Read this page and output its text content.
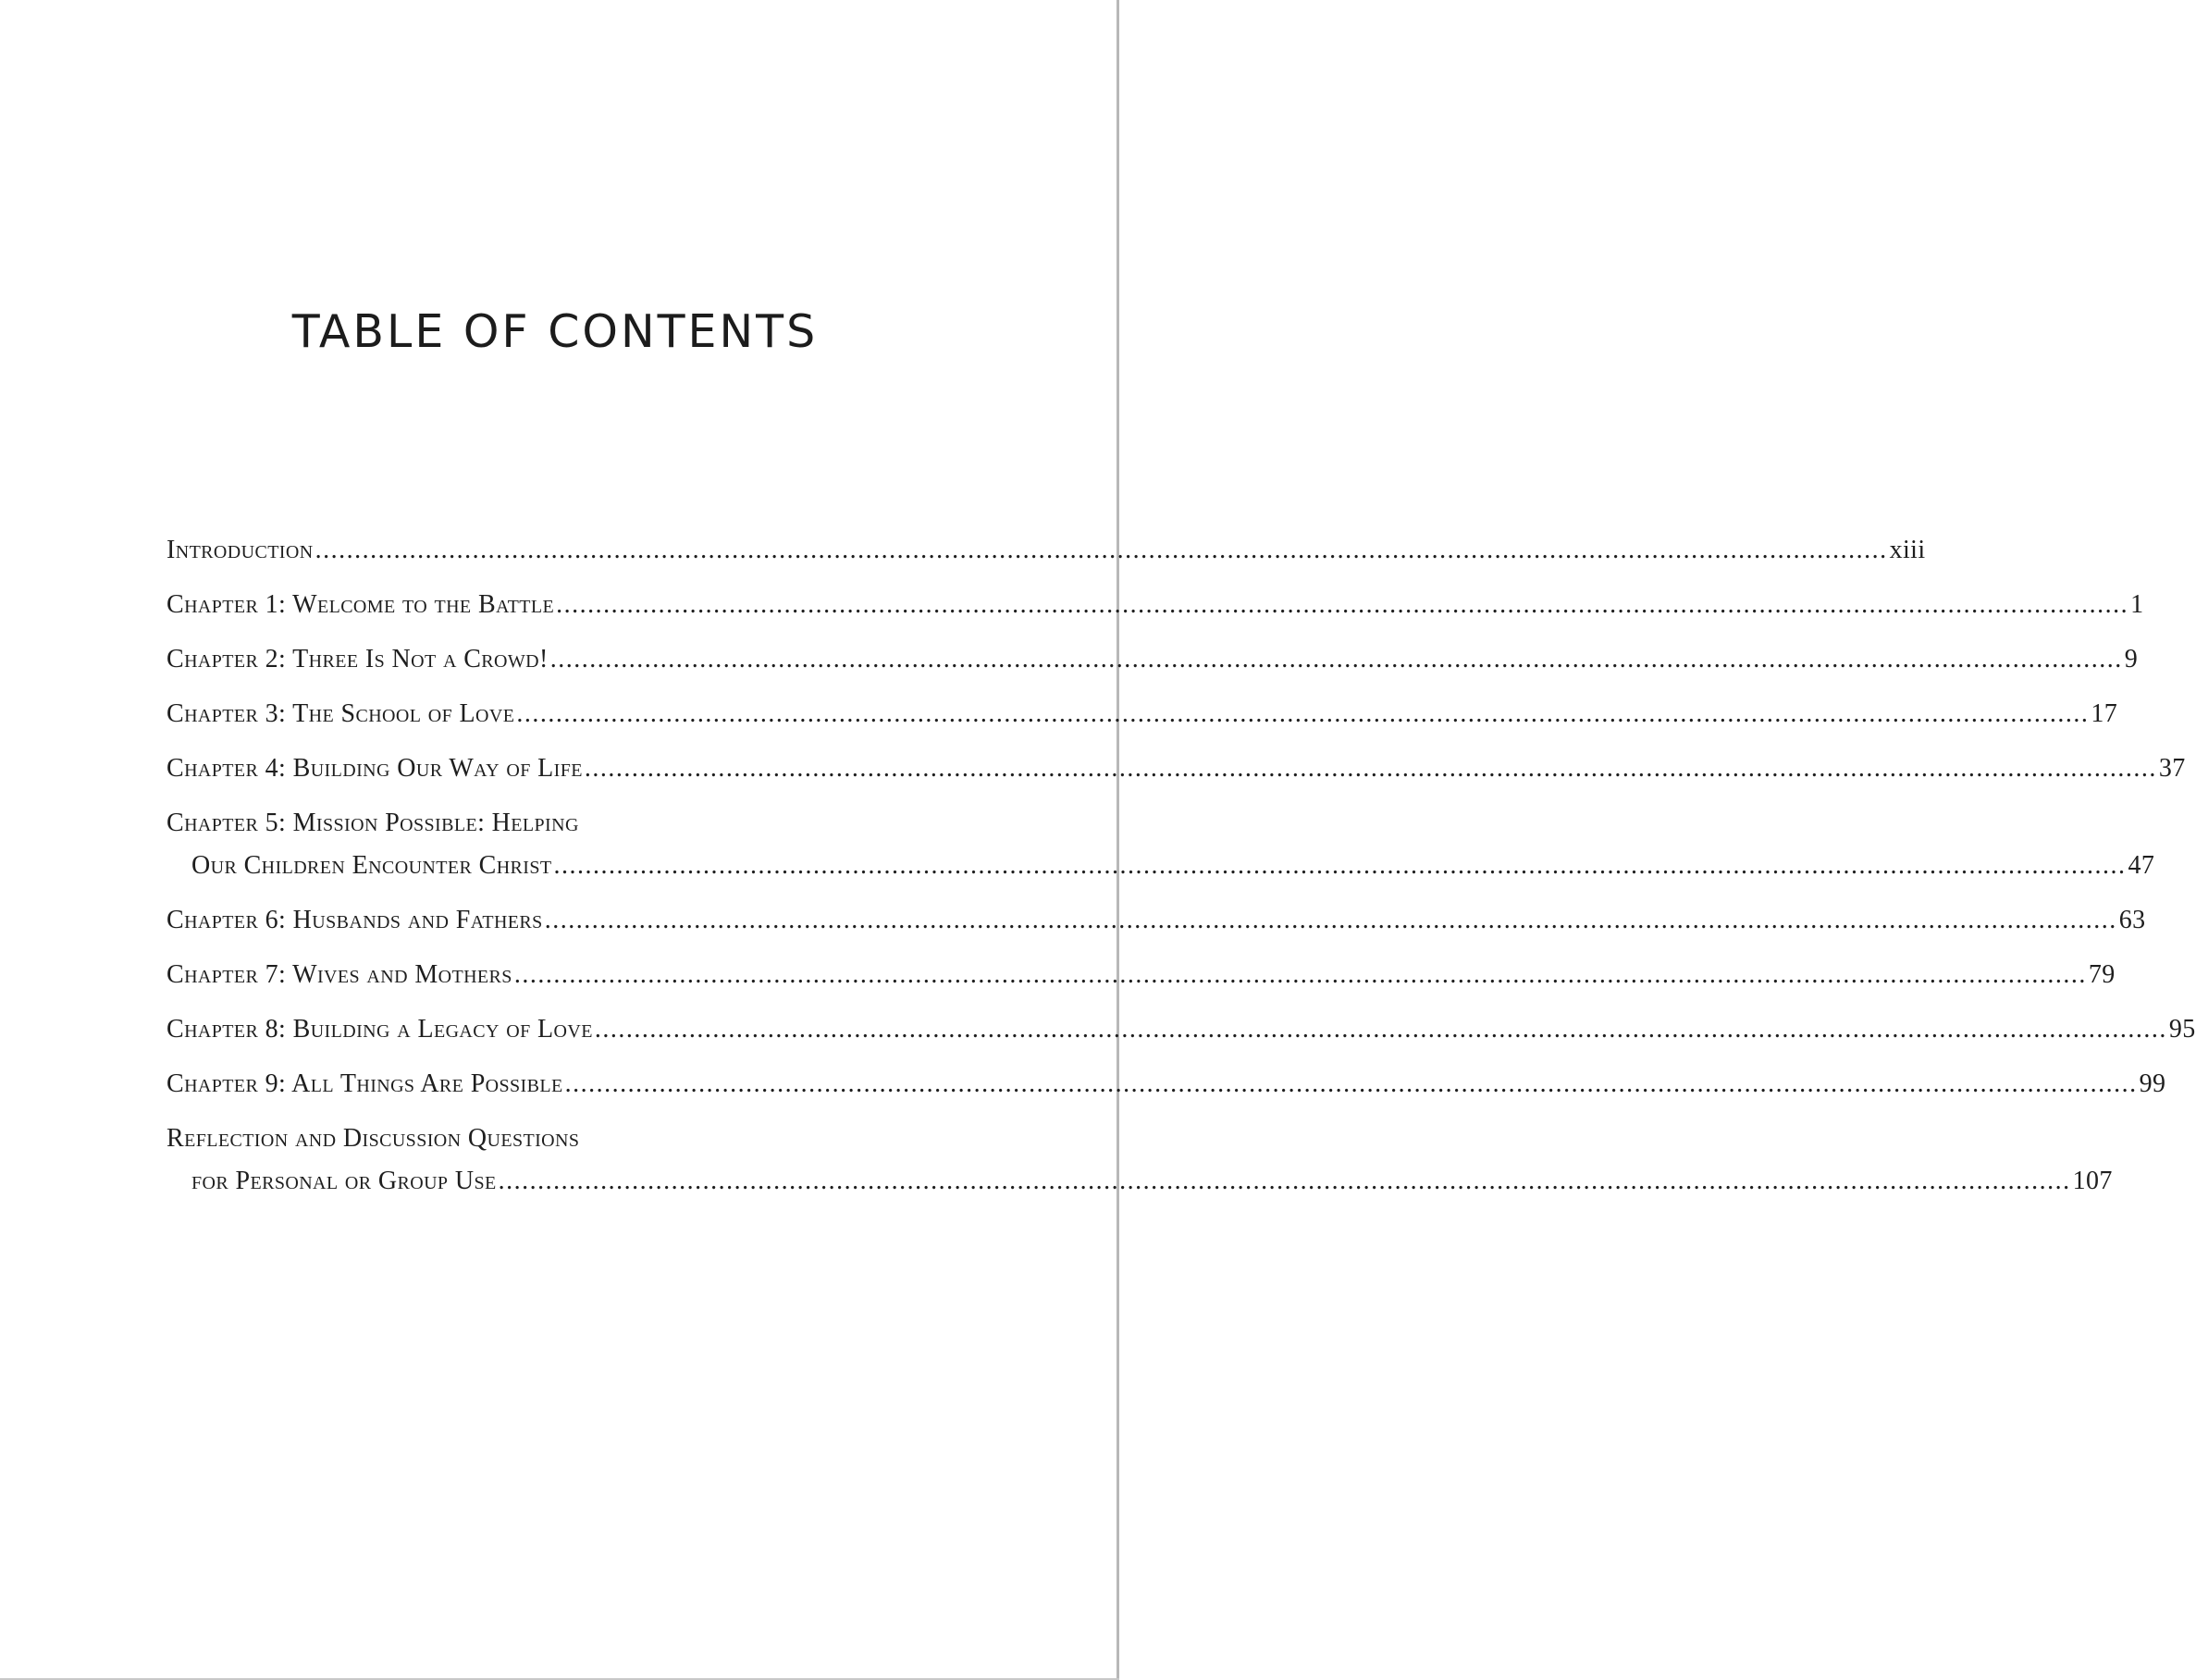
TABLE OF CONTENTS
Introduction ........................................................................................................................................................................................................ xiii
Chapter 1: Welcome to the Battle ........................................................................................................................................................................................................ 1
Chapter 2: Three Is Not a Crowd! ........................................................................................................................................................................................................ 9
Chapter 3: The School of Love ........................................................................................................................................................................................................ 17
Chapter 4: Building Our Way of Life ........................................................................................................................................................................................................ 37
Chapter 5: Mission Possible: Helping
Our Children Encounter Christ ........................................................................................................................................................................................................ 47
Chapter 6: Husbands and Fathers ........................................................................................................................................................................................................ 63
Chapter 7: Wives and Mothers ........................................................................................................................................................................................................ 79
Chapter 8: Building a Legacy of Love ........................................................................................................................................................................................................ 95
Chapter 9: All Things Are Possible ........................................................................................................................................................................................................ 99
Reflection and Discussion Questions
for Personal or Group Use ........................................................................................................................................................................................................ 107
